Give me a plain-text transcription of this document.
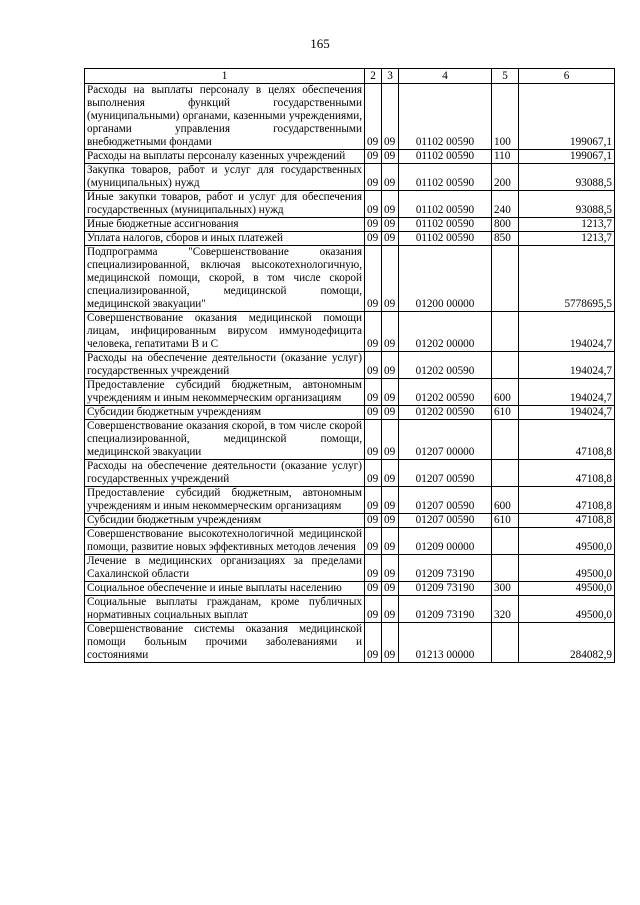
165
1	2	3	4	5	6
Расходы на выплаты персоналу в целях обеспечения выполнения функций государственными (муниципальными) органами, казенными учреждениями, органами управления государственными внебюджетными фондами	09	09	01102 00590	100	199067,1
Расходы на выплаты персоналу казенных учреждений	09	09	01102 00590	110	199067,1
Закупка товаров, работ и услуг для государственных (муниципальных) нужд	09	09	01102 00590	200	93088,5
Иные закупки товаров, работ и услуг для обеспечения государственных (муниципальных) нужд	09	09	01102 00590	240	93088,5
Иные бюджетные ассигнования	09	09	01102 00590	800	1213,7
Уплата налогов, сборов и иных платежей	09	09	01102 00590	850	1213,7
Подпрограмма "Совершенствование оказания специализированной, включая высокотехнологичную, медицинской помощи, скорой, в том числе скорой специализированной, медицинской помощи, медицинской эвакуации"	09	09	01200 00000		5778695,5
Совершенствование оказания медицинской помощи лицам, инфицированным вирусом иммунодефицита человека, гепатитами В и С	09	09	01202 00000		194024,7
Расходы на обеспечение деятельности (оказание услуг) государственных учреждений	09	09	01202 00590		194024,7
Предоставление субсидий бюджетным, автономным учреждениям и иным некоммерческим организациям	09	09	01202 00590	600	194024,7
Субсидии бюджетным учреждениям	09	09	01202 00590	610	194024,7
Совершенствование оказания скорой, в том числе скорой специализированной, медицинской помощи, медицинской эвакуации	09	09	01207 00000		47108,8
Расходы на обеспечение деятельности (оказание услуг) государственных учреждений	09	09	01207 00590		47108,8
Предоставление субсидий бюджетным, автономным учреждениям и иным некоммерческим организациям	09	09	01207 00590	600	47108,8
Субсидии бюджетным учреждениям	09	09	01207 00590	610	47108,8
Совершенствование высокотехнологичной медицинской помощи, развитие новых эффективных методов лечения	09	09	01209 00000		49500,0
Лечение в медицинских организациях за пределами Сахалинской области	09	09	01209 73190		49500,0
Социальное обеспечение и иные выплаты населению	09	09	01209 73190	300	49500,0
Социальные выплаты гражданам, кроме публичных нормативных социальных выплат	09	09	01209 73190	320	49500,0
Совершенствование системы оказания медицинской помощи больным прочими заболеваниями и состояниями	09	09	01213 00000		284082,9
